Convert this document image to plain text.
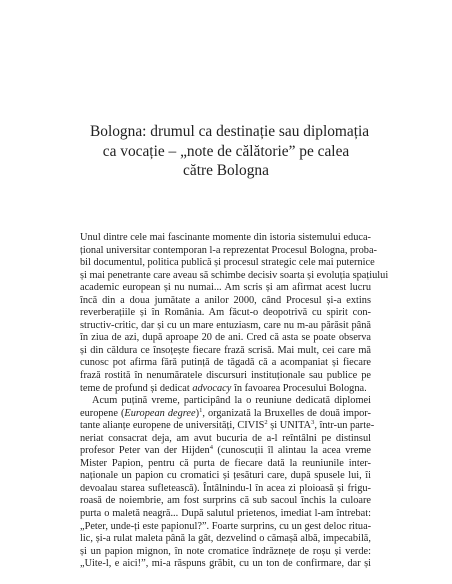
Bologna: drumul ca destinație sau diplomația
ca vocație – „note de călătorie” pe calea
către Bologna

Unul dintre cele mai fascinante momente din istoria sistemului educa-
țional universitar contemporan l-a reprezentat Procesul Bologna, proba-
bil documentul, politica publică și procesul strategic cele mai puternice
și mai penetrante care aveau să schimbe decisiv soarta și evoluția spațiului
academic european și nu numai... Am scris și am afirmat acest lucru
încă din a doua jumătate a anilor 2000, când Procesul și-a extins
reverberațiile și în România. Am făcut-o deopotrivă cu spirit con-
structiv-critic, dar și cu un mare entuziasm, care nu m-au părăsit până
în ziua de azi, după aproape 20 de ani. Cred că asta se poate observa
și din căldura ce însoțește fiecare frază scrisă. Mai mult, cei care mă
cunosc pot afirma fără putință de tăgadă că a acompaniat și fiecare
frază rostită în nenumăratele discursuri instituționale sau publice pe
teme de profund și dedicat advocacy în favoarea Procesului Bologna.

Acum puțină vreme, participând la o reuniune dedicată diplomei
europene (European degree)$^1$, organizată la Bruxelles de două impor-
tante alianțe europene de universități, CIVIS$^2$ și UNITA$^3$, într-un parte-
neriat consacrat deja, am avut bucuria de a-l reîntâlni pe distinsul
profesor Peter van der Hijden$^4$ (cunoscuții îl alintau la acea vreme
Mister Papion, pentru că purta de fiecare dată la reuniunile inter-
naționale un papion cu cromatici și țesături care, după spusele lui, îi
devoalau starea sufletească). Întâlnindu-l în acea zi ploioasă și frigu-
roasă de noiembrie, am fost surprins că sub sacoul închis la culoare
purta o maletă neagră... După salutul prietenos, imediat l-am întrebat:
„Peter, unde-ți este papionul?”. Foarte surprins, cu un gest deloc ritua-
lic, și-a rulat maleta până la gât, dezvelind o cămașă albă, impecabilă,
și un papion mignon, în note cromatice îndrăznețe de roșu și verde:
„Uite-l, e aici!”, mi-a răspuns grăbit, cu un ton de confirmare, dar și
